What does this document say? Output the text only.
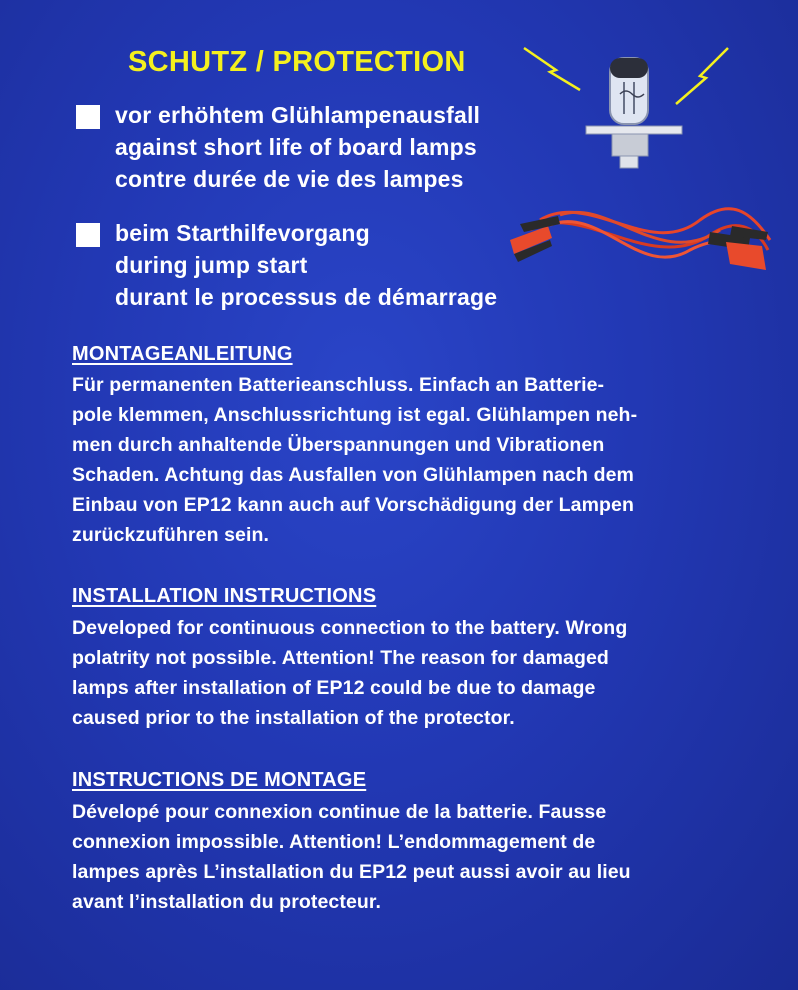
SCHUTZ / PROTECTION
vor erhöhtem Glühlampenausfall
against short life of board lamps
contre durée de vie des lampes
beim Starthilfevorgang
during jump start
durant le processus de démarrage
MONTAGEANLEITUNG
Für permanenten Batterieanschluss. Einfach an Batterie-
pole klemmen, Anschlussrichtung ist egal. Glühlampen neh-
men durch anhaltende Überspannungen und Vibrationen
Schaden. Achtung das Ausfallen von Glühlampen nach dem
Einbau von EP12 kann auch auf Vorschädigung der Lampen
zurückzuführen sein.
INSTALLATION INSTRUCTIONS
Developed for continuous connection to the battery. Wrong
polatrity not possible. Attention! The reason for damaged
lamps after installation of EP12 could be due to damage
caused prior to the installation of the protector.
INSTRUCTIONS DE MONTAGE
Dévelopé pour connexion continue de la batterie. Fausse
connexion impossible. Attention! L’endommagement de
lampes après L’installation du EP12 peut aussi avoir au lieu
avant l’installation du protecteur.
